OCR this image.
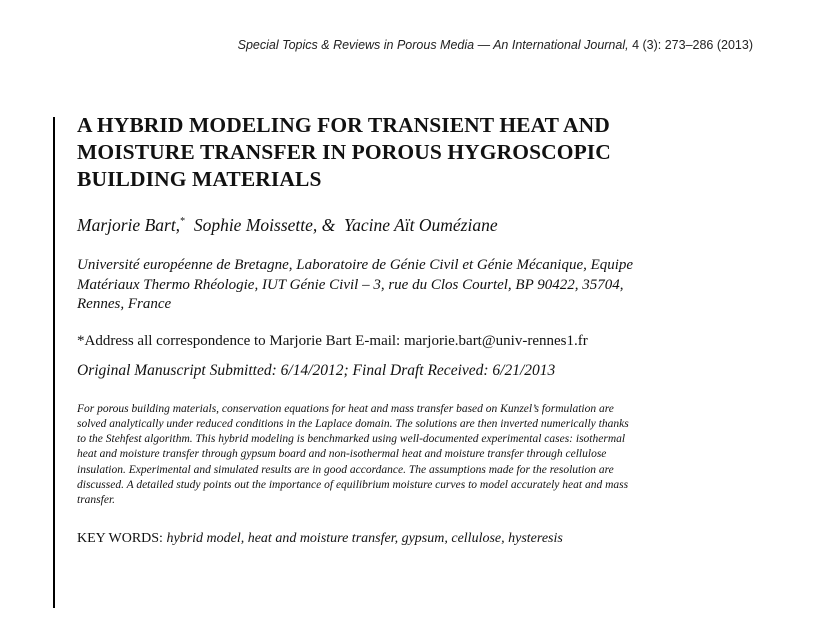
Special Topics & Reviews in Porous Media — An International Journal, 4 (3): 273–286 (2013)
A HYBRID MODELING FOR TRANSIENT HEAT AND
MOISTURE TRANSFER IN POROUS HYGROSCOPIC
BUILDING MATERIALS
Marjorie Bart,* Sophie Moissette, & Yacine Aït Ouméziane
Université européenne de Bretagne, Laboratoire de Génie Civil et Génie Mécanique, Equipe
Matériaux Thermo Rhéologie, IUT Génie Civil – 3, rue du Clos Courtel, BP 90422, 35704,
Rennes, France
*Address all correspondence to Marjorie Bart E-mail: marjorie.bart@univ-rennes1.fr
Original Manuscript Submitted: 6/14/2012; Final Draft Received: 6/21/2013
For porous building materials, conservation equations for heat and mass transfer based on Kunzel’s formulation are
solved analytically under reduced conditions in the Laplace domain. The solutions are then inverted numerically thanks
to the Stehfest algorithm. This hybrid modeling is benchmarked using well-documented experimental cases: isothermal
heat and moisture transfer through gypsum board and non-isothermal heat and moisture transfer through cellulose
insulation. Experimental and simulated results are in good accordance. The assumptions made for the resolution are
discussed. A detailed study points out the importance of equilibrium moisture curves to model accurately heat and mass
transfer.
KEY WORDS: hybrid model, heat and moisture transfer, gypsum, cellulose, hysteresis
